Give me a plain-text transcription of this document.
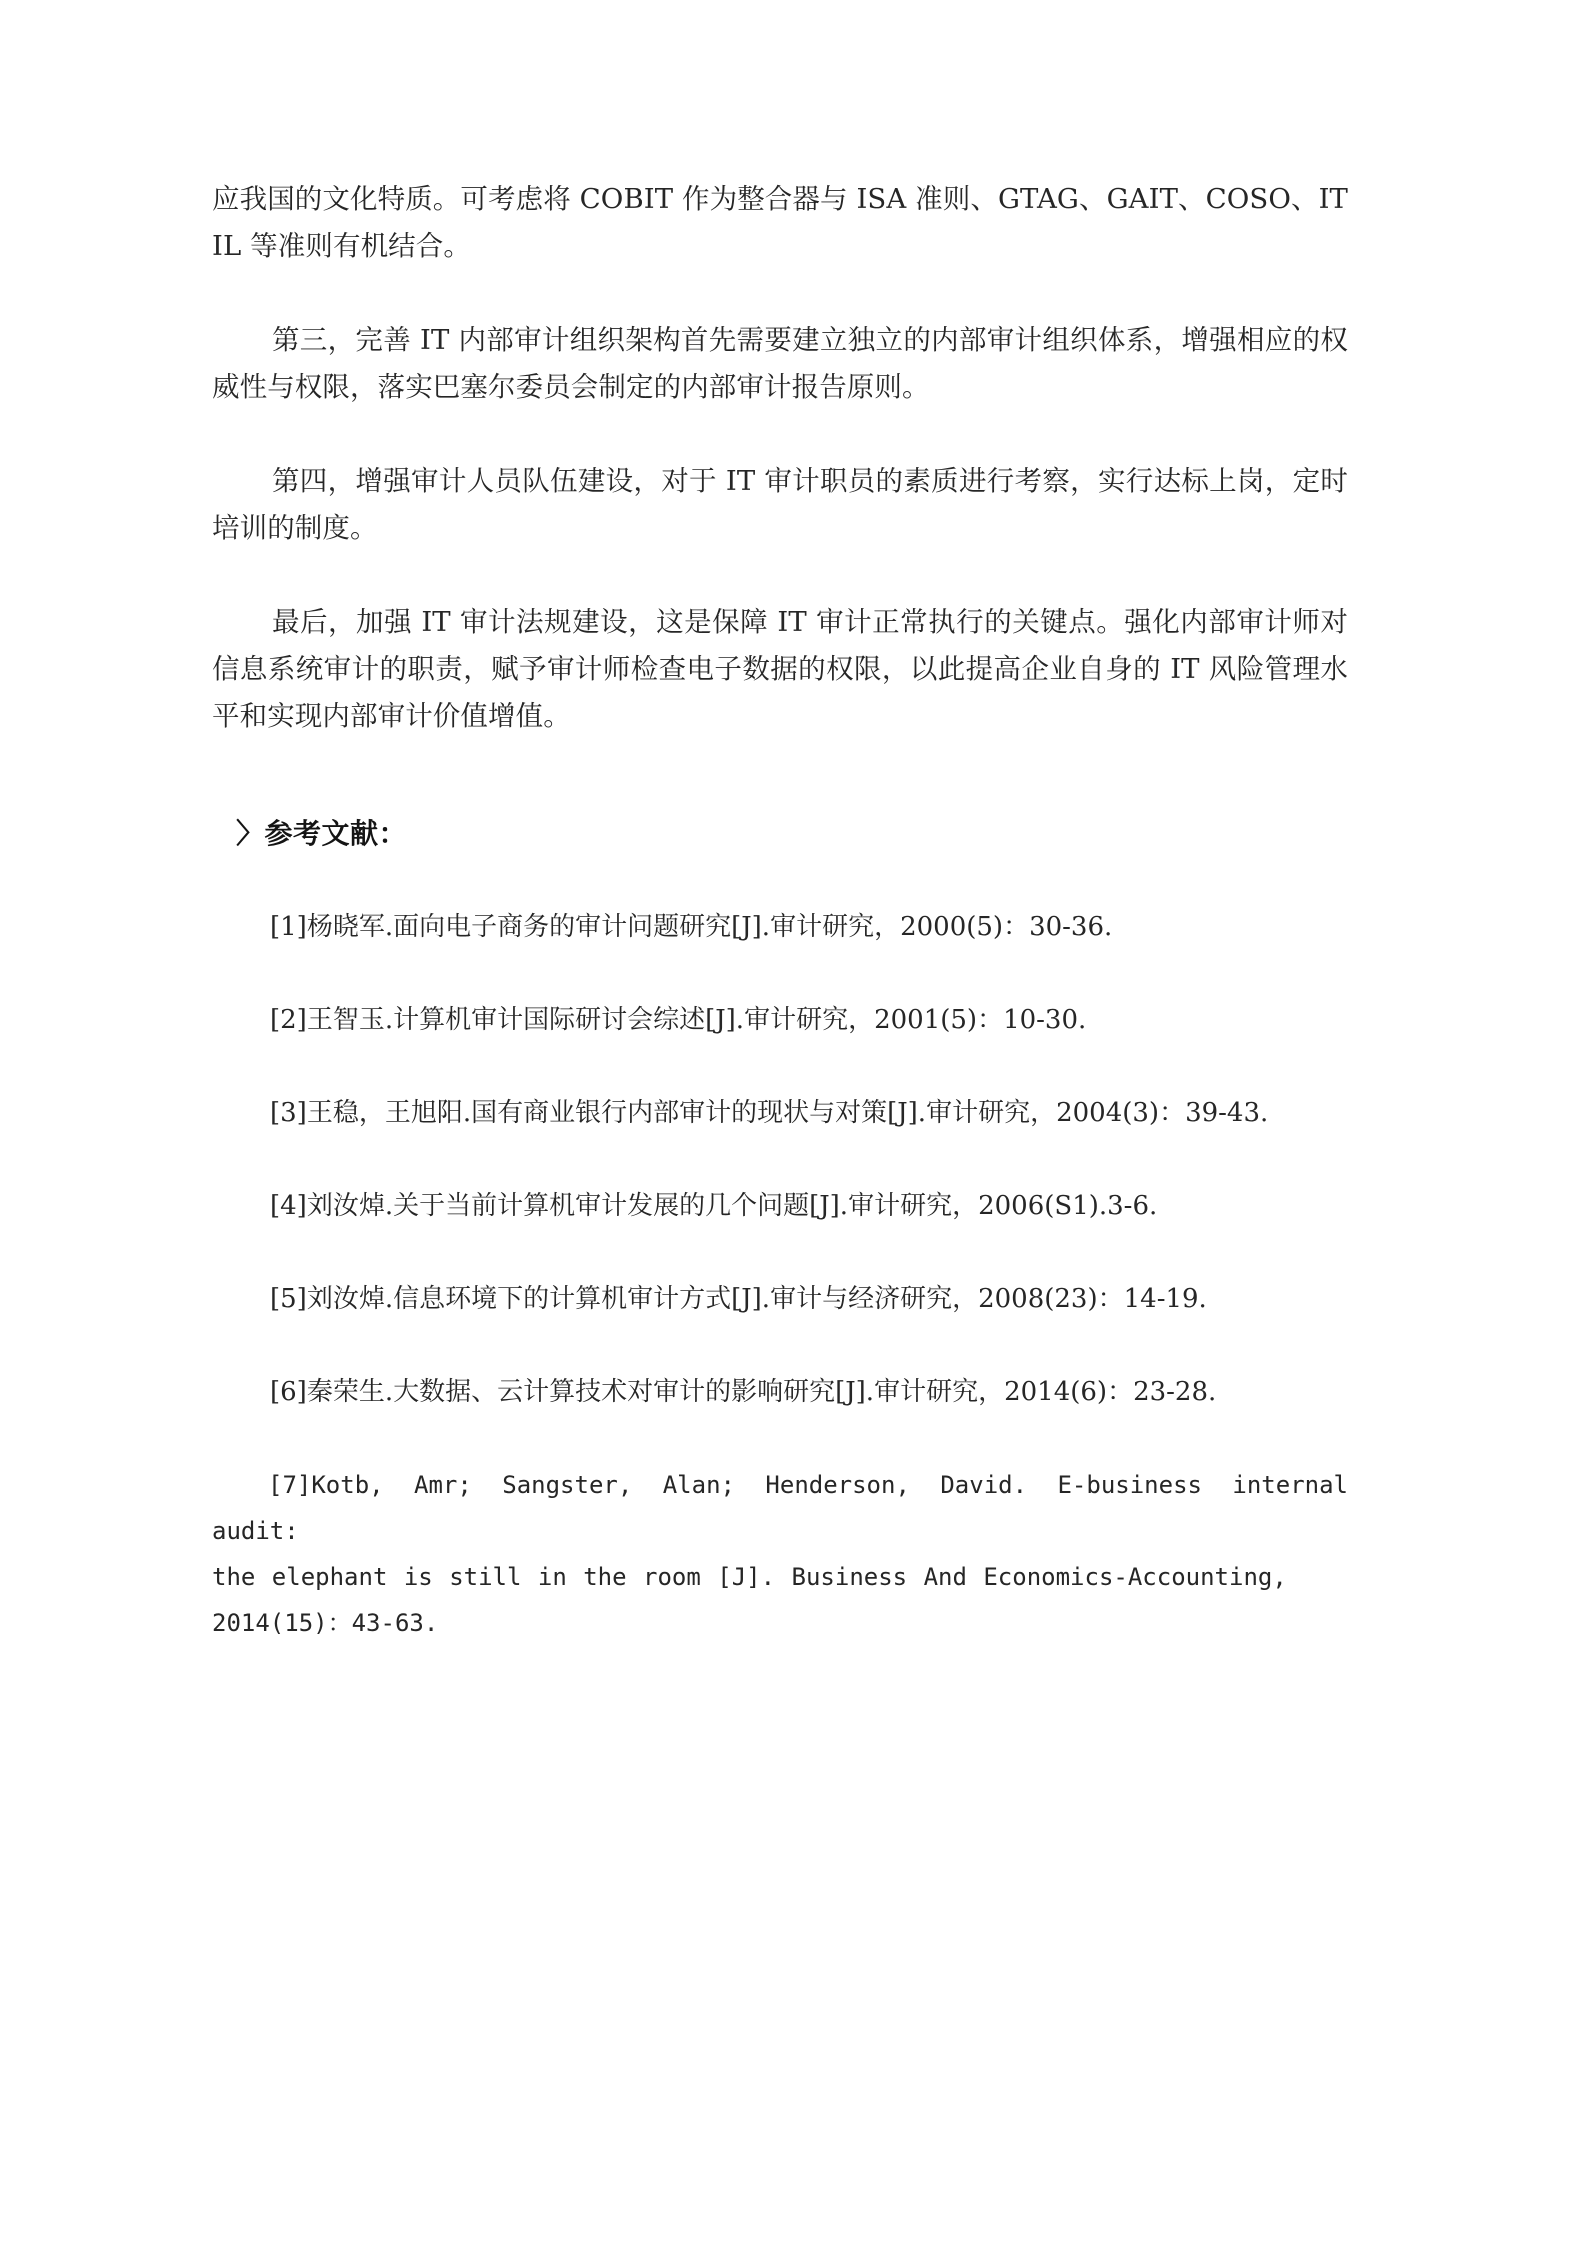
应我国的文化特质。可考虑将 COBIT 作为整合器与 ISA 准则、GTAG、GAIT、COSO、ITIL 等准则有机结合。

第三，完善 IT 内部审计组织架构首先需要建立独立的内部审计组织体系，增强相应的权威性与权限，落实巴塞尔委员会制定的内部审计报告原则。

第四，增强审计人员队伍建设，对于 IT 审计职员的素质进行考察，实行达标上岗，定时培训的制度。

最后，加强 IT 审计法规建设，这是保障 IT 审计正常执行的关键点。强化内部审计师对信息系统审计的职责，赋予审计师检查电子数据的权限，以此提高企业自身的 IT 风险管理水平和实现内部审计价值增值。

〉参考文献：

[1]杨晓军.面向电子商务的审计问题研究[J].审计研究，2000(5)：30-36.

[2]王智玉.计算机审计国际研讨会综述[J].审计研究，2001(5)：10-30.

[3]王稳，王旭阳.国有商业银行内部审计的现状与对策[J].审计研究，2004(3)：39-43.

[4]刘汝焯.关于当前计算机审计发展的几个问题[J].审计研究，2006(S1).3-6.

[5]刘汝焯.信息环境下的计算机审计方式[J].审计与经济研究，2008(23)：14-19.

[6]秦荣生.大数据、云计算技术对审计的影响研究[J].审计研究，2014(6)：23-28.

[7]Kotb, Amr; Sangster, Alan; Henderson, David. E-business internal audit:

the elephant is still in the room [J]. Business And Economics-Accounting,

2014(15)：43-63.
